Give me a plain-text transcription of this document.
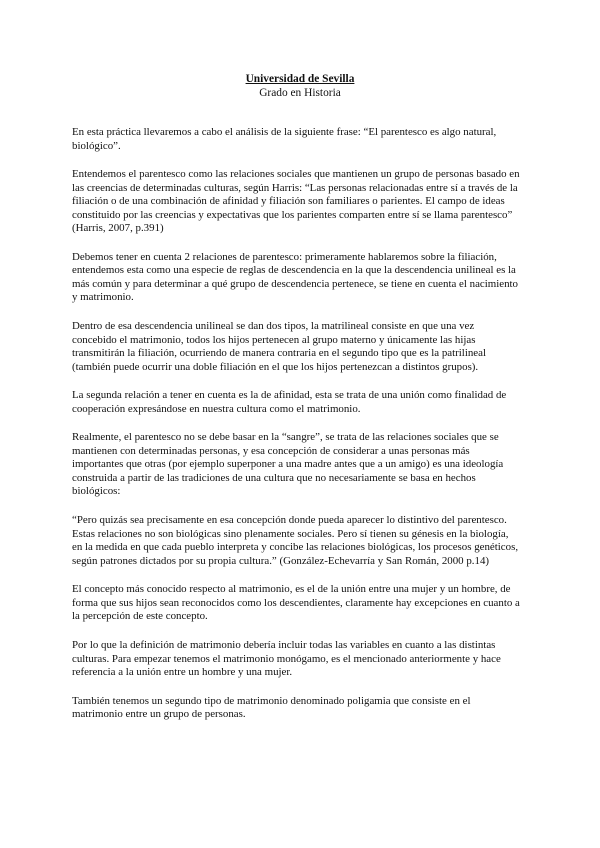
Universidad de Sevilla

Grado en Historia

En esta práctica llevaremos a cabo el análisis de la siguiente frase: “El parentesco es algo natural, biológico”.

Entendemos el parentesco como las relaciones sociales que mantienen un grupo de personas basado en las creencias de determinadas culturas, según Harris: “Las personas relacionadas entre sí a través de la filiación o de una combinación de afinidad y filiación son familiares o parientes. El campo de ideas constituido por las creencias y expectativas que los parientes comparten entre sí se llama parentesco” (Harris, 2007, p.391)

Debemos tener en cuenta 2 relaciones de parentesco: primeramente hablaremos sobre la filiación, entendemos esta como una especie de reglas de descendencia en la que la descendencia unilineal es la más común y para determinar a qué grupo de descendencia pertenece, se tiene en cuenta el nacimiento y matrimonio.

Dentro de esa descendencia unilineal se dan dos tipos, la matrilineal consiste en que una vez concebido el matrimonio, todos los hijos pertenecen al grupo materno y únicamente las hijas transmitirán la filiación, ocurriendo de manera contraria en el segundo tipo que es la patrilineal (también puede ocurrir una doble filiación en el que los hijos pertenezcan a distintos grupos).

La segunda relación a tener en cuenta es la de afinidad, esta se trata de una unión como finalidad de cooperación expresándose en nuestra cultura como el matrimonio.

Realmente, el parentesco no se debe basar en la “sangre”, se trata de las relaciones sociales que se mantienen con determinadas personas, y esa concepción de considerar a unas personas más importantes que otras (por ejemplo superponer a una madre antes que a un amigo) es una ideología construida a partir de las tradiciones de una cultura que no necesariamente se basa en hechos biológicos:

“Pero quizás sea precisamente en esa concepción donde pueda aparecer lo distintivo del parentesco. Estas relaciones no son biológicas sino plenamente sociales. Pero sí tienen su génesis en la biología, en la medida en que cada pueblo interpreta y concibe las relaciones biológicas, los procesos genéticos, según patrones dictados por su propia cultura.” (González-Echevarría y San Román, 2000 p.14)

El concepto más conocido respecto al matrimonio, es el de la unión entre una mujer y un hombre, de forma que sus hijos sean reconocidos como los descendientes, claramente hay excepciones en cuanto a la percepción de este concepto.

Por lo que la definición de matrimonio debería incluir todas las variables en cuanto a las distintas culturas. Para empezar tenemos el matrimonio monógamo, es el mencionado anteriormente y hace referencia a la unión entre un hombre y una mujer.

También tenemos un segundo tipo de matrimonio denominado poligamia que consiste en el matrimonio entre un grupo de personas.
